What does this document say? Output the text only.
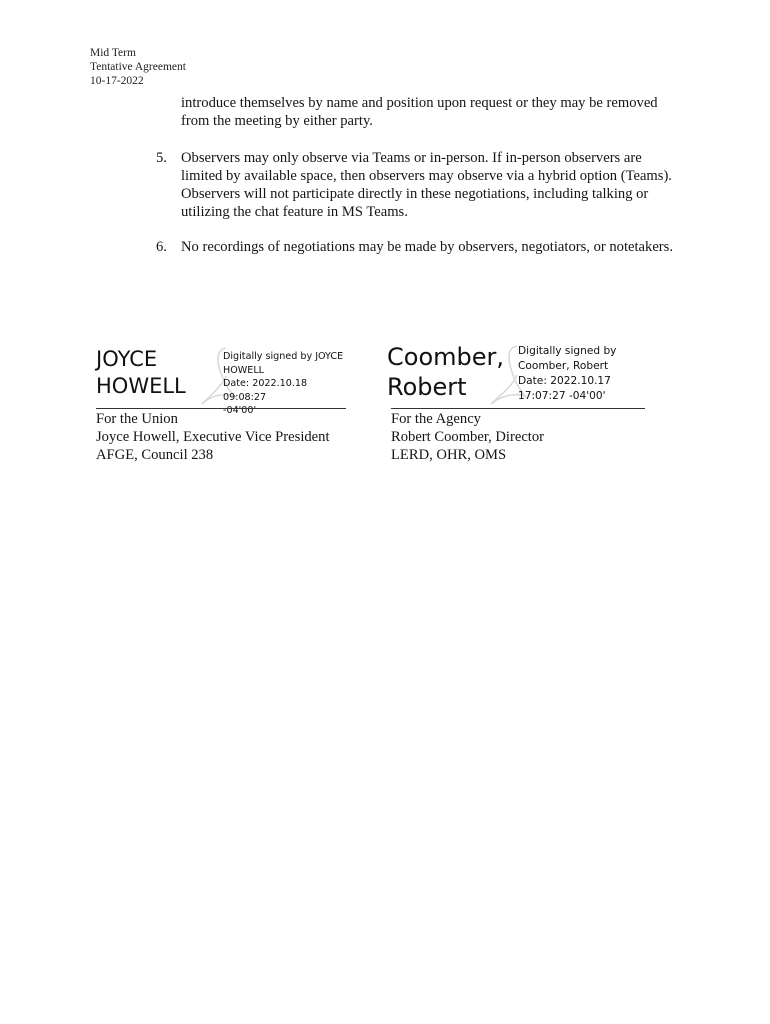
Mid Term
Tentative Agreement
10-17-2022
introduce themselves by name and position upon request or they may be removed from the meeting by either party.
5. Observers may only observe via Teams or in-person. If in-person observers are limited by available space, then observers may observe via a hybrid option (Teams). Observers will not participate directly in these negotiations, including talking or utilizing the chat feature in MS Teams.
6. No recordings of negotiations may be made by observers, negotiators, or notetakers.
JOYCE
HOWELL
Digitally signed by JOYCE
HOWELL
Date: 2022.10.18 09:08:27
-04'00'
For the Union
Joyce Howell, Executive Vice President
AFGE, Council 238
Coomber,
Robert
Digitally signed by
Coomber, Robert
Date: 2022.10.17
17:07:27 -04'00'
For the Agency
Robert Coomber, Director
LERD, OHR, OMS
